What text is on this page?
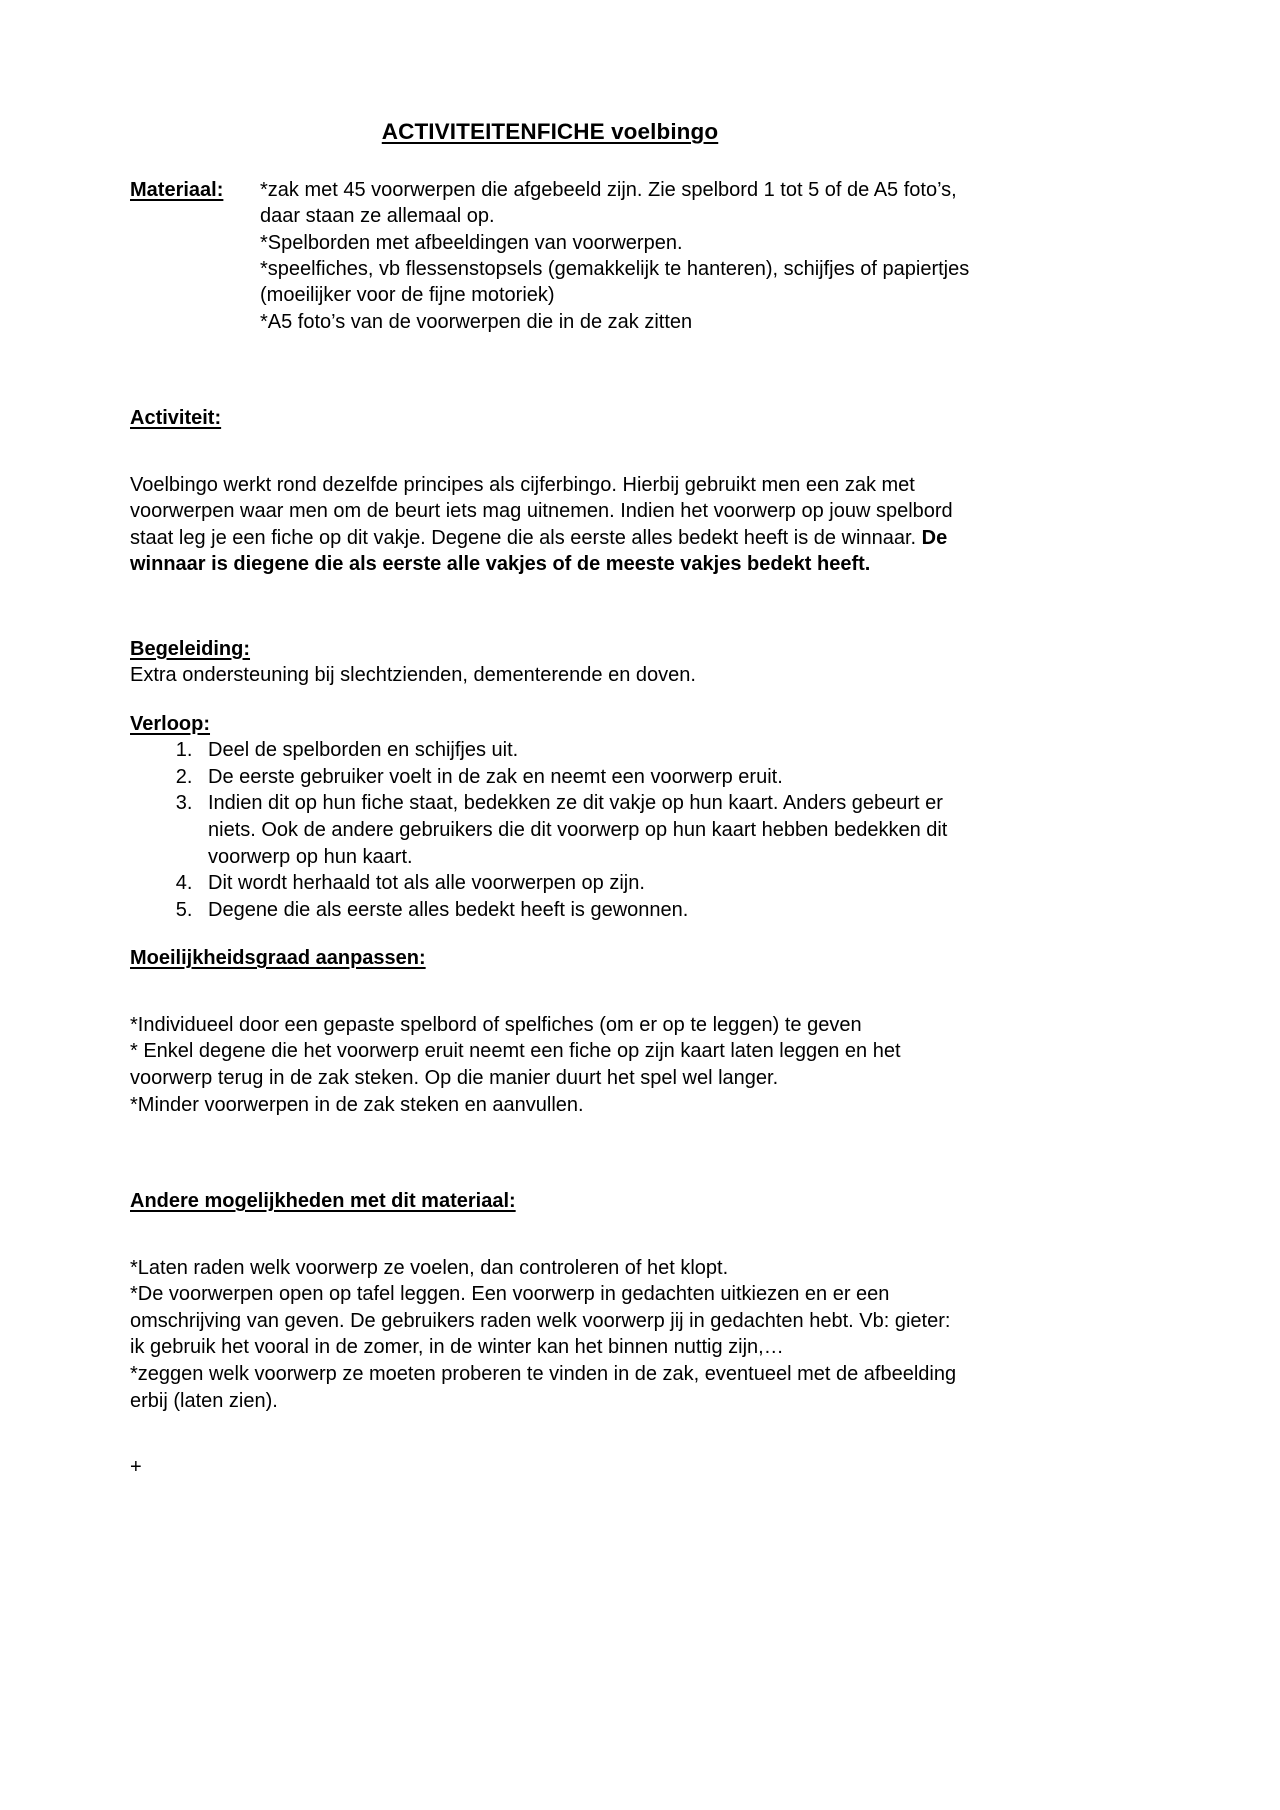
ACTIVITEITENFICHE voelbingo
Materiaal:	*zak met 45 voorwerpen die afgebeeld zijn. Zie spelbord 1 tot 5 of de A5 foto’s, daar staan ze allemaal op.

*Spelborden met afbeeldingen van voorwerpen.

*speelfiches, vb flessenstopsels (gemakkelijk te hanteren), schijfjes of papiertjes (moeilijker voor de fijne motoriek)

*A5 foto’s van de voorwerpen die in de zak zitten

Activiteit:

Voelbingo werkt rond dezelfde principes als cijferbingo. Hierbij gebruikt men een zak met voorwerpen waar men om de beurt iets mag uitnemen. Indien het voorwerp op jouw spelbord staat leg je een fiche op dit vakje. Degene die als eerste alles bedekt heeft is de winnaar. De winnaar is diegene die als eerste alle vakjes of de meeste vakjes bedekt heeft.

Begeleiding:

Extra ondersteuning bij slechtzienden, dementerende en doven.

Verloop:
1. Deel de spelborden en schijfjes uit.
2. De eerste gebruiker voelt in de zak en neemt een voorwerp eruit.
3. Indien dit op hun fiche staat, bedekken ze dit vakje op hun kaart. Anders gebeurt er niets. Ook de andere gebruikers die dit voorwerp op hun kaart hebben bedekken dit voorwerp op hun kaart.
4. Dit wordt herhaald tot als alle voorwerpen op zijn.
5. Degene die als eerste alles bedekt heeft is gewonnen.
Moeilijkheidsgraad aanpassen:

*Individueel door een gepaste spelbord of spelfiches (om er op te leggen) te geven

* Enkel degene die het voorwerp eruit neemt een fiche op zijn kaart laten leggen en het voorwerp terug in de zak steken. Op die manier duurt het spel wel langer.

*Minder voorwerpen in de zak steken en aanvullen.

Andere mogelijkheden met dit materiaal:

*Laten raden welk voorwerp ze voelen, dan controleren of het klopt.

*De voorwerpen open op tafel leggen. Een voorwerp in gedachten uitkiezen en er een omschrijving van geven. De gebruikers raden welk voorwerp jij in gedachten hebt. Vb: gieter: ik gebruik het vooral in de zomer, in de winter kan het binnen nuttig zijn,…

*zeggen welk voorwerp ze moeten proberen te vinden in de zak, eventueel met de afbeelding erbij (laten zien).

+
